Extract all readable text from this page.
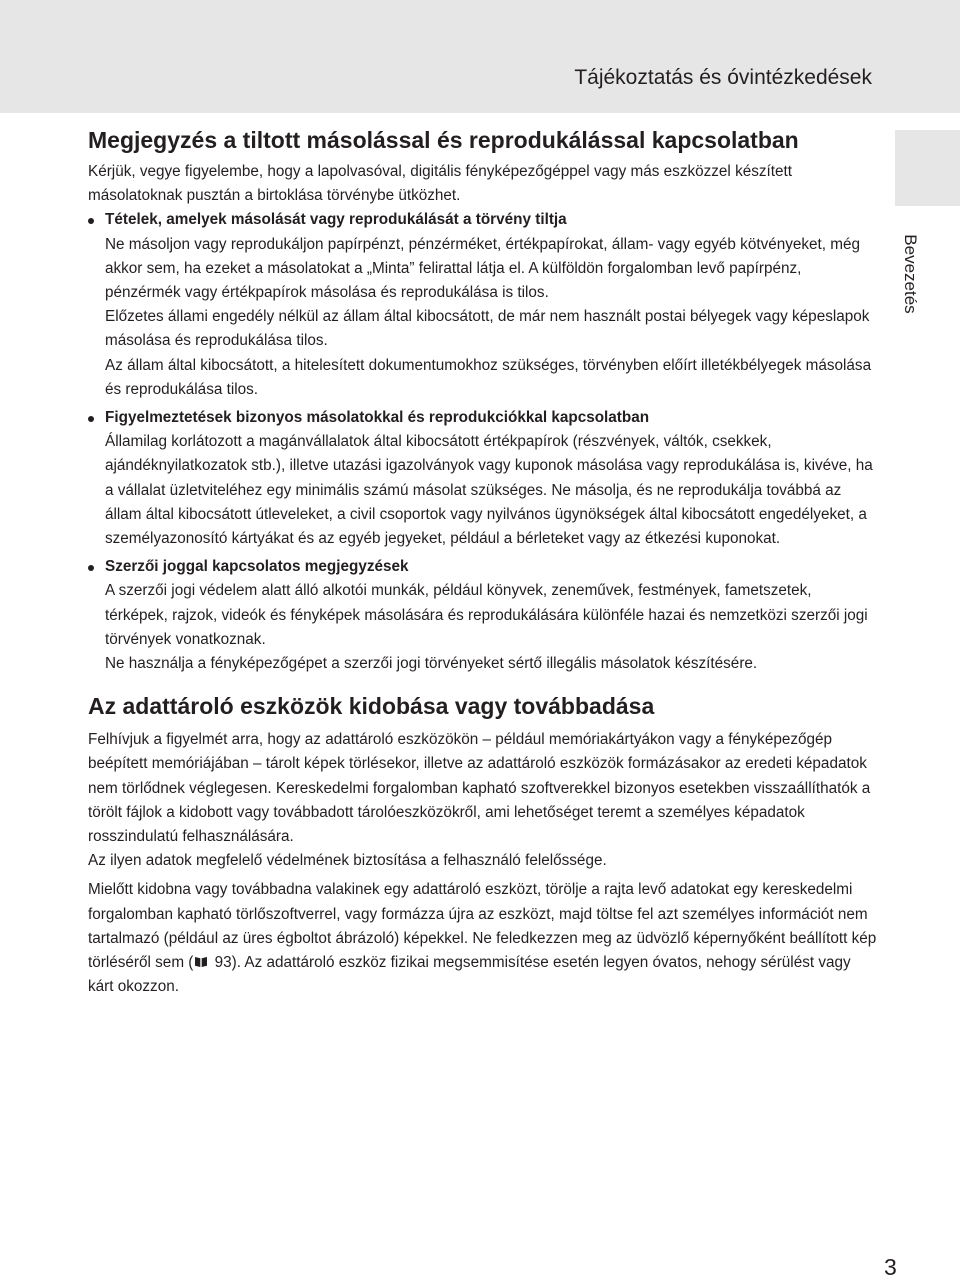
Tájékoztatás és óvintézkedések
Bevezetés
Megjegyzés a tiltott másolással és reprodukálással kapcsolatban

Kérjük, vegye figyelembe, hogy a lapolvasóval, digitális fényképezőgéppel vagy más eszközzel készített másolatoknak pusztán a birtoklása törvénybe ütközhet.

Tételek, amelyek másolását vagy reprodukálását a törvény tiltja

Ne másoljon vagy reprodukáljon papírpénzt, pénzérméket, értékpapírokat, állam- vagy egyéb kötvényeket, még akkor sem, ha ezeket a másolatokat a „Minta” felirattal látja el. A külföldön forgalomban levő papírpénz, pénzérmék vagy értékpapírok másolása és reprodukálása is tilos.

Előzetes állami engedély nélkül az állam által kibocsátott, de már nem használt postai bélyegek vagy képeslapok másolása és reprodukálása tilos.

Az állam által kibocsátott, a hitelesített dokumentumokhoz szükséges, törvényben előírt illetékbélyegek másolása és reprodukálása tilos.

Figyelmeztetések bizonyos másolatokkal és reprodukciókkal kapcsolatban

Államilag korlátozott a magánvállalatok által kibocsátott értékpapírok (részvények, váltók, csekkek, ajándéknyilatkozatok stb.), illetve utazási igazolványok vagy kuponok másolása vagy reprodukálása is, kivéve, ha a vállalat üzletviteléhez egy minimális számú másolat szükséges. Ne másolja, és ne reprodukálja továbbá az állam által kibocsátott útleveleket, a civil csoportok vagy nyilvános ügynökségek által kibocsátott engedélyeket, a személyazonosító kártyákat és az egyéb jegyeket, például a bérleteket vagy az étkezési kuponokat.

Szerzői joggal kapcsolatos megjegyzések

A szerzői jogi védelem alatt álló alkotói munkák, például könyvek, zeneművek, festmények, fametszetek, térképek, rajzok, videók és fényképek másolására és reprodukálására különféle hazai és nemzetközi szerzői jogi törvények vonatkoznak.

Ne használja a fényképezőgépet a szerzői jogi törvényeket sértő illegális másolatok készítésére.

Az adattároló eszközök kidobása vagy továbbadása

Felhívjuk a figyelmét arra, hogy az adattároló eszközökön – például memóriakártyákon vagy a fényképezőgép beépített memóriájában – tárolt képek törlésekor, illetve az adattároló eszközök formázásakor az eredeti képadatok nem törlődnek véglegesen. Kereskedelmi forgalomban kapható szoftverekkel bizonyos esetekben visszaállíthatók a törölt fájlok a kidobott vagy továbbadott tárolóeszközökről, ami lehetőséget teremt a személyes képadatok rosszindulatú felhasználására.

Az ilyen adatok megfelelő védelmének biztosítása a felhasználó felelőssége.

Mielőtt kidobna vagy továbbadna valakinek egy adattároló eszközt, törölje a rajta levő adatokat egy kereskedelmi forgalomban kapható törlőszoftverrel, vagy formázza újra az eszközt, majd töltse fel azt személyes információt nem tartalmazó (például az üres égboltot ábrázoló) képekkel. Ne feledkezzen meg az üdvözlő képernyőként beállított kép törléséről sem ( 93). Az adattároló eszköz fizikai megsemmisítése esetén legyen óvatos, nehogy sérülést vagy kárt okozzon.

3
